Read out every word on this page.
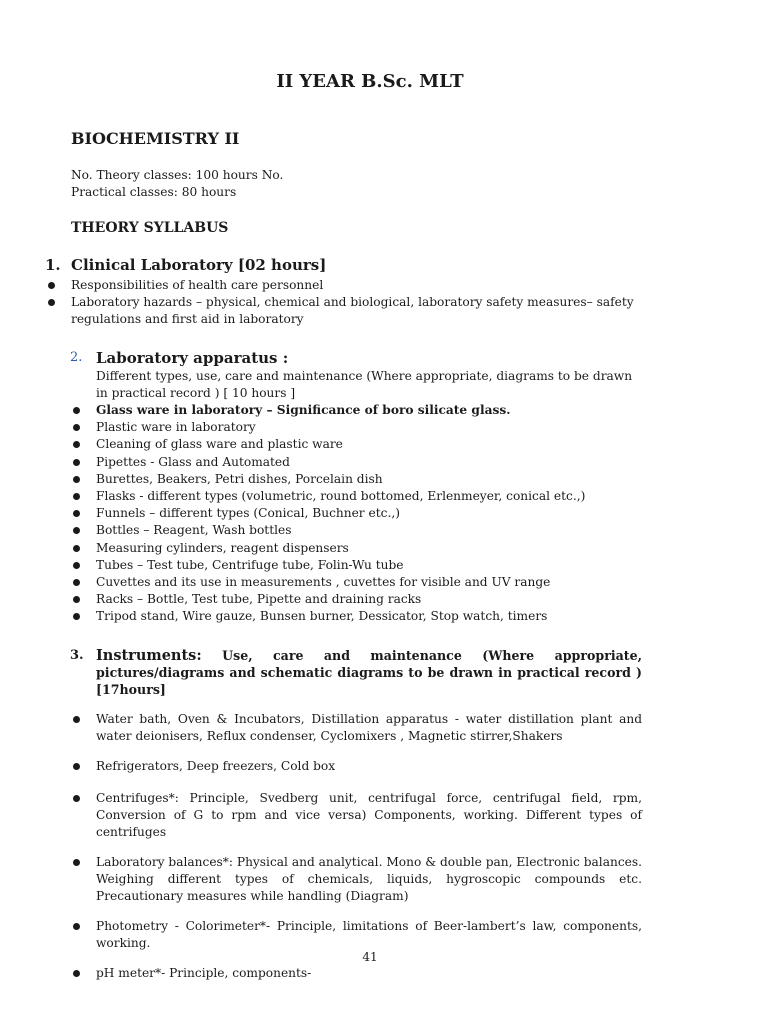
II YEAR B.Sc. MLT
BIOCHEMISTRY II
No. Theory classes: 100 hours No.
Practical classes: 80 hours
THEORY SYLLABUS
1. Clinical Laboratory [02 hours]
Responsibilities of health care personnel
Laboratory hazards – physical, chemical and biological, laboratory safety measures– safety regulations and first aid in laboratory
2. Laboratory apparatus :
Different types, use, care and maintenance (Where appropriate, diagrams to be drawn
in practical record ) [ 10 hours ]
Glass ware in laboratory – Significance of boro silicate glass.
Plastic ware in laboratory
Cleaning of glass ware and plastic ware
Pipettes - Glass and Automated
Burettes, Beakers, Petri dishes, Porcelain dish
Flasks - different types (volumetric, round bottomed, Erlenmeyer, conical etc.,)
Funnels – different types (Conical, Buchner etc.,)
Bottles – Reagent, Wash bottles
Measuring cylinders, reagent dispensers
Tubes – Test tube, Centrifuge tube, Folin-Wu tube
Cuvettes and its use in measurements , cuvettes for visible and UV range
Racks – Bottle, Test tube, Pipette and draining racks
Tripod stand, Wire gauze, Bunsen burner, Dessicator, Stop watch, timers
3. Instruments: Use, care and maintenance (Where appropriate, pictures/diagrams and schematic diagrams to be drawn in practical record ) [17hours]
Water bath, Oven & Incubators, Distillation apparatus - water distillation plant and water deionisers, Reflux condenser, Cyclomixers , Magnetic stirrer,Shakers
Refrigerators, Deep freezers, Cold box
Centrifuges*: Principle, Svedberg unit, centrifugal force, centrifugal field, rpm, Conversion of G to rpm and vice versa) Components, working. Different types of centrifuges
Laboratory balances*: Physical and analytical. Mono & double pan, Electronic balances. Weighing different types of chemicals, liquids, hygroscopic compounds etc. Precautionary measures while handling (Diagram)
Photometry - Colorimeter*- Principle, limitations of Beer-lambert’s law, components, working.
pH meter*- Principle, components-
41
